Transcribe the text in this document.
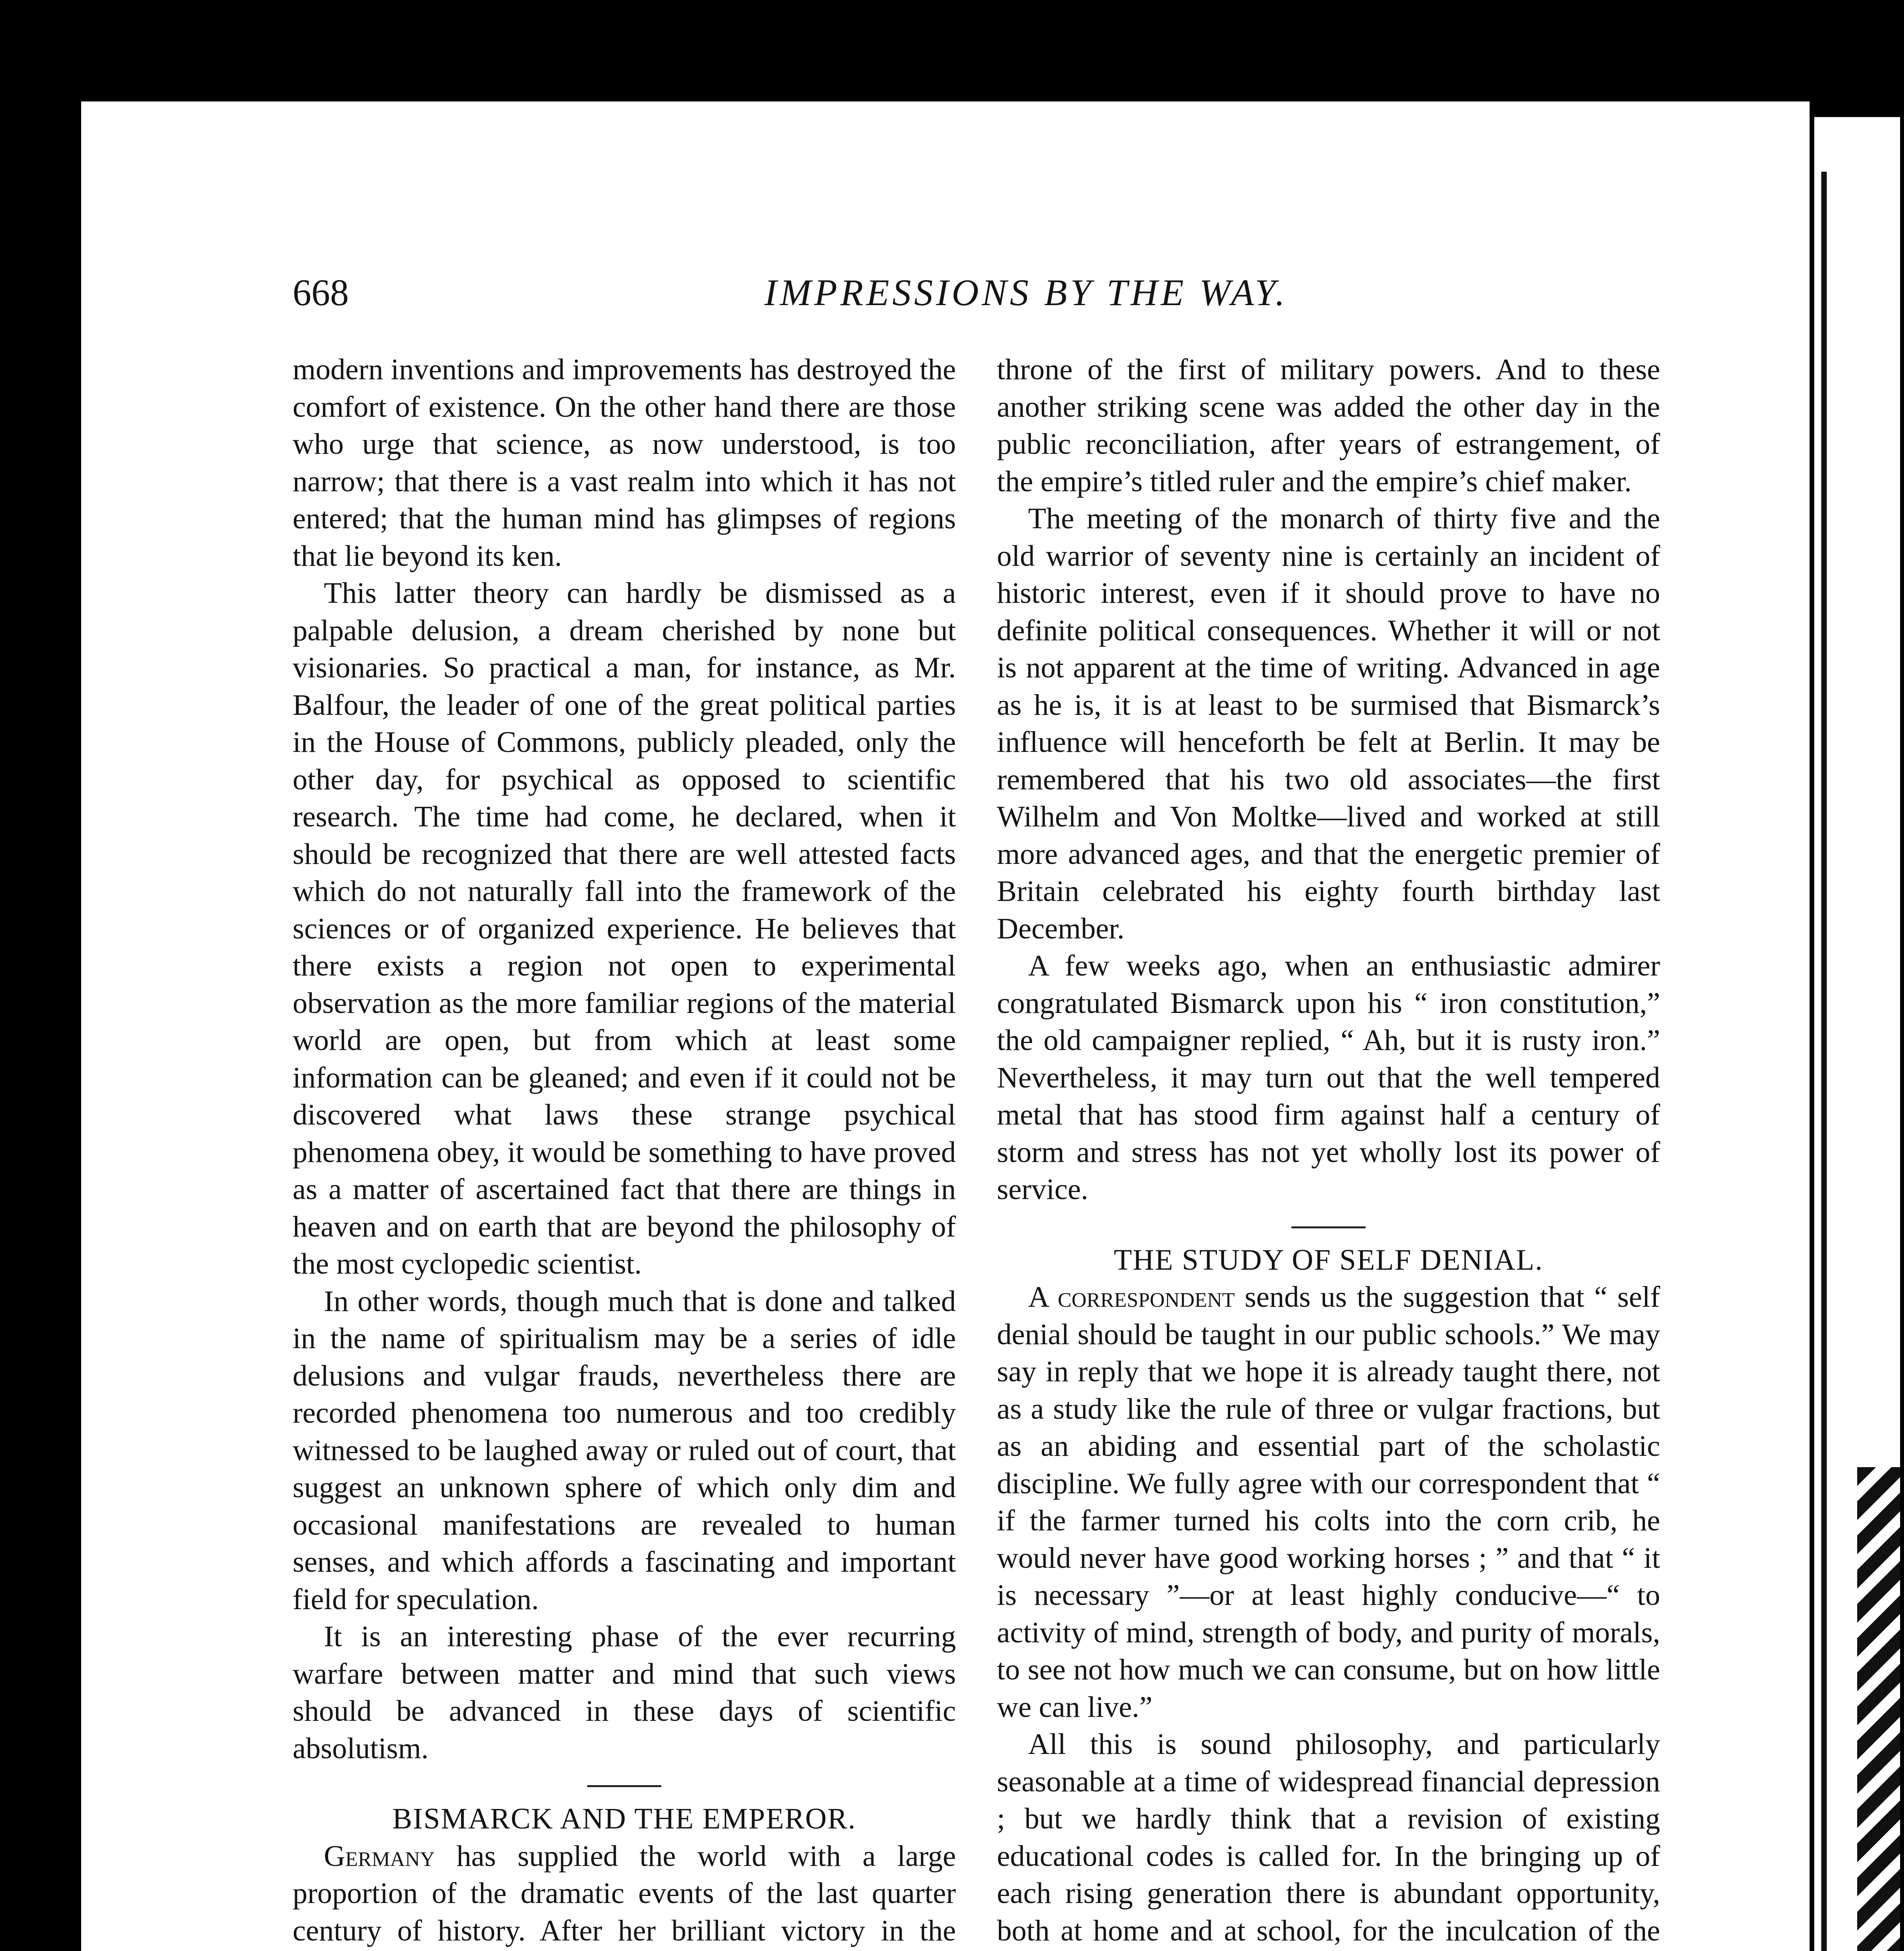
668	IMPRESSIONS BY THE WAY.

modern inventions and improvements has destroyed the comfort of existence. On the other hand there are those who urge that science, as now understood, is too narrow; that there is a vast realm into which it has not entered; that the human mind has glimpses of regions that lie beyond its ken.

This latter theory can hardly be dismissed as a palpable delusion, a dream cherished by none but visionaries. So practical a man, for instance, as Mr. Balfour, the leader of one of the great political parties in the House of Commons, publicly pleaded, only the other day, for psychical as opposed to scientific research. The time had come, he declared, when it should be recognized that there are well attested facts which do not naturally fall into the framework of the sciences or of organized experience. He believes that there exists a region not open to experimental observation as the more familiar regions of the material world are open, but from which at least some information can be gleaned; and even if it could not be discovered what laws these strange psychical phenomena obey, it would be something to have proved as a matter of ascertained fact that there are things in heaven and on earth that are beyond the philosophy of the most cyclopedic scientist.

In other words, though much that is done and talked in the name of spiritualism may be a series of idle delusions and vulgar frauds, nevertheless there are recorded phenomena too numerous and too credibly witnessed to be laughed away or ruled out of court, that suggest an unknown sphere of which only dim and occasional manifestations are revealed to human senses, and which affords a fascinating and important field for speculation.

It is an interesting phase of the ever recurring warfare between matter and mind that such views should be advanced in these days of scientific absolutism.

BISMARCK AND THE EMPEROR.

Germany has supplied the world with a large proportion of the dramatic events of the last quarter century of history. After her brilliant victory in the

throne of the first of military powers. And to these another striking scene was added the other day in the public reconciliation, after years of estrangement, of the empire’s titled ruler and the empire’s chief maker.

The meeting of the monarch of thirty five and the old warrior of seventy nine is certainly an incident of historic interest, even if it should prove to have no definite political consequences. Whether it will or not is not apparent at the time of writing. Advanced in age as he is, it is at least to be surmised that Bismarck’s influence will henceforth be felt at Berlin. It may be remembered that his two old associates—the first Wilhelm and Von Moltke—lived and worked at still more advanced ages, and that the energetic premier of Britain celebrated his eighty fourth birthday last December.

A few weeks ago, when an enthusiastic admirer congratulated Bismarck upon his “ iron constitution,” the old campaigner replied, “ Ah, but it is rusty iron.” Nevertheless, it may turn out that the well tempered metal that has stood firm against half a century of storm and stress has not yet wholly lost its power of service.

THE STUDY OF SELF DENIAL.

A correspondent sends us the suggestion that “ self denial should be taught in our public schools.” We may say in reply that we hope it is already taught there, not as a study like the rule of three or vulgar fractions, but as an abiding and essential part of the scholastic discipline. We fully agree with our correspondent that “ if the farmer turned his colts into the corn crib, he would never have good working horses ; ” and that “ it is necessary ”—or at least highly conducive—“ to activity of mind, strength of body, and purity of morals, to see not how much we can consume, but on how little we can live.”

All this is sound philosophy, and particularly seasonable at a time of widespread financial depression ; but we hardly think that a revision of existing educational codes is called for. In the bringing up of each rising generation there is abundant opportunity, both at home and at school, for the inculcation of the
